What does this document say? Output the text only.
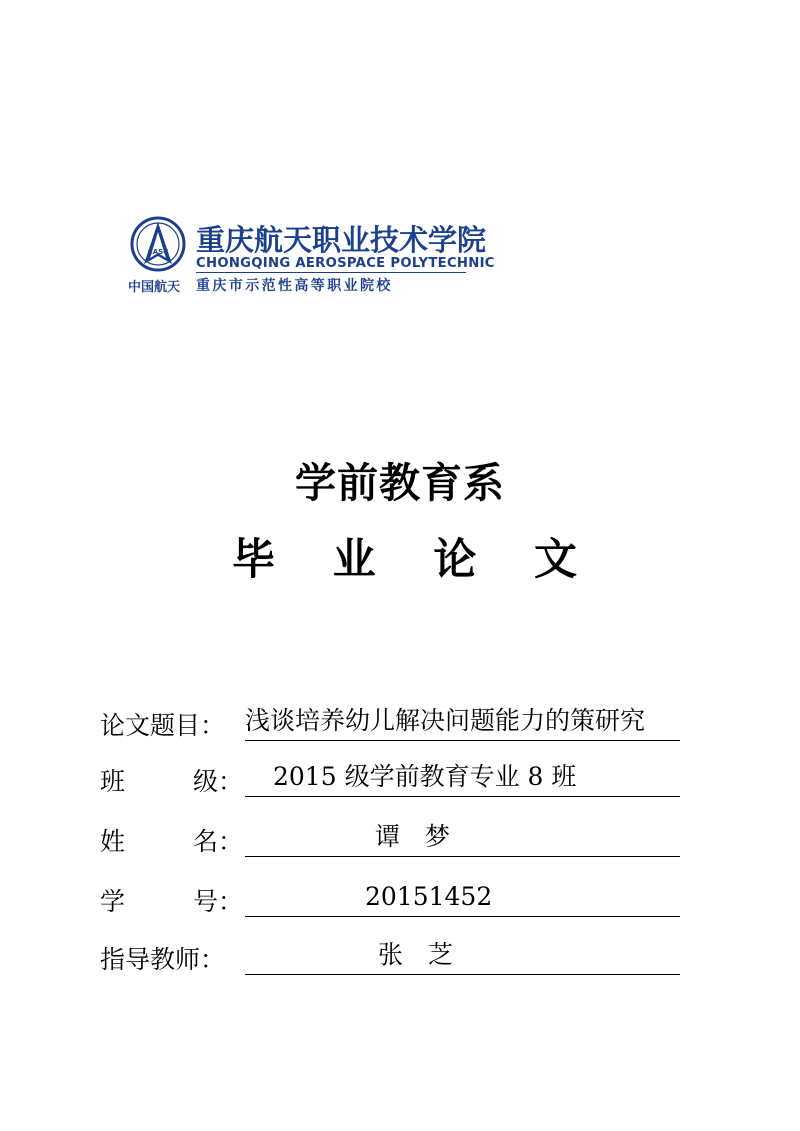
CASC
中国航天
重庆航天职业技术学院
CHONGQING AEROSPACE POLYTECHNIC
重庆市示范性高等职业院校
学前教育系
毕 业 论 文
论文题目： 浅谈培养幼儿解决问题能力的策研究
班	级 ：	2015 级学前教育专业 8 班
姓	名 ：	谭　梦
学	号 ：	20151452
指导教师：	张　芝
